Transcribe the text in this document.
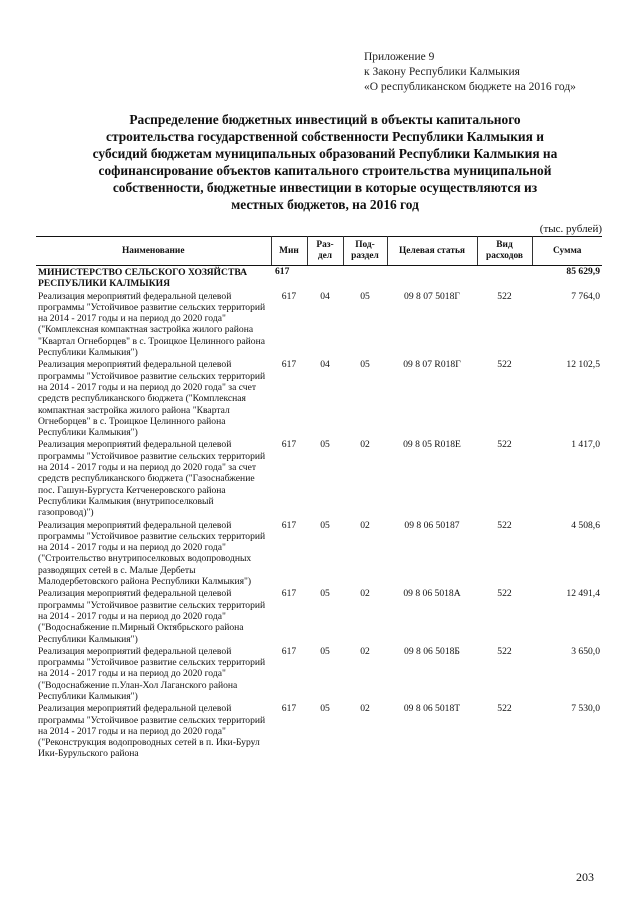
Приложение 9
к Закону Республики Калмыкия
«О республиканском бюджете на 2016 год»
Распределение бюджетных инвестиций в объекты капитального строительства государственной собственности Республики Калмыкия и субсидий бюджетам муниципальных образований Республики Калмыкия на софинансирование объектов капитального строительства муниципальной собственности, бюджетные инвестиции в которые осуществляются из местных бюджетов, на 2016 год
(тыс. рублей)
Наименование	Мин	Раз-дел	Под-раздел	Целевая статья	Вид расходов	Сумма
МИНИСТЕРСТВО СЕЛЬСКОГО ХОЗЯЙСТВА РЕСПУБЛИКИ КАЛМЫКИЯ	617					85 629,9
Реализация мероприятий федеральной целевой программы "Устойчивое развитие сельских территорий на 2014 - 2017 годы и на период до 2020 года" ("Комплексная компактная застройка жилого района "Квартал Огнеборцев" в с. Троицкое Целинного района Республики Калмыкия")	617	04	05	09 8 07 5018Г	522	7 764,0
Реализация мероприятий федеральной целевой программы "Устойчивое развитие сельских территорий на 2014 - 2017 годы и на период до 2020 года" за счет средств республиканского бюджета ("Комплексная компактная застройка жилого района "Квартал Огнеборцев" в с. Троицкое Целинного района Республики Калмыкия")	617	04	05	09 8 07 R018Г	522	12 102,5
Реализация мероприятий федеральной целевой программы "Устойчивое развитие сельских территорий на 2014 - 2017 годы и на период до 2020 года" за счет средств республиканского бюджета ("Газоснабжение пос. Гашун-Бургуста Кетченеровского района Республики Калмыкия (внутрипоселковый газопровод)")	617	05	02	09 8 05 R018Е	522	1 417,0
Реализация мероприятий федеральной целевой программы "Устойчивое развитие сельских территорий на 2014 - 2017 годы и на период до 2020 года" ("Строительство внутрипоселковых водопроводных разводящих сетей в с. Малые Дербеты Малодербетовского района Республики Калмыкия")	617	05	02	09 8 06 50187	522	4 508,6
Реализация мероприятий федеральной целевой программы "Устойчивое развитие сельских территорий на 2014 - 2017 годы и на период до 2020 года" ("Водоснабжение п.Мирный Октябрьского района Республики Калмыкия")	617	05	02	09 8 06 5018А	522	12 491,4
Реализация мероприятий федеральной целевой программы "Устойчивое развитие сельских территорий на 2014 - 2017 годы и на период до 2020 года" ("Водоснабжение п.Улан-Хол Лаганского района Республики Калмыкия")	617	05	02	09 8 06 5018Б	522	3 650,0
Реализация мероприятий федеральной целевой программы "Устойчивое развитие сельских территорий на 2014 - 2017 годы и на период до 2020 года" ("Реконструкция водопроводных сетей в п. Ики-Бурул Ики-Бурульского района	617	05	02	09 8 06 5018Т	522	7 530,0
203
